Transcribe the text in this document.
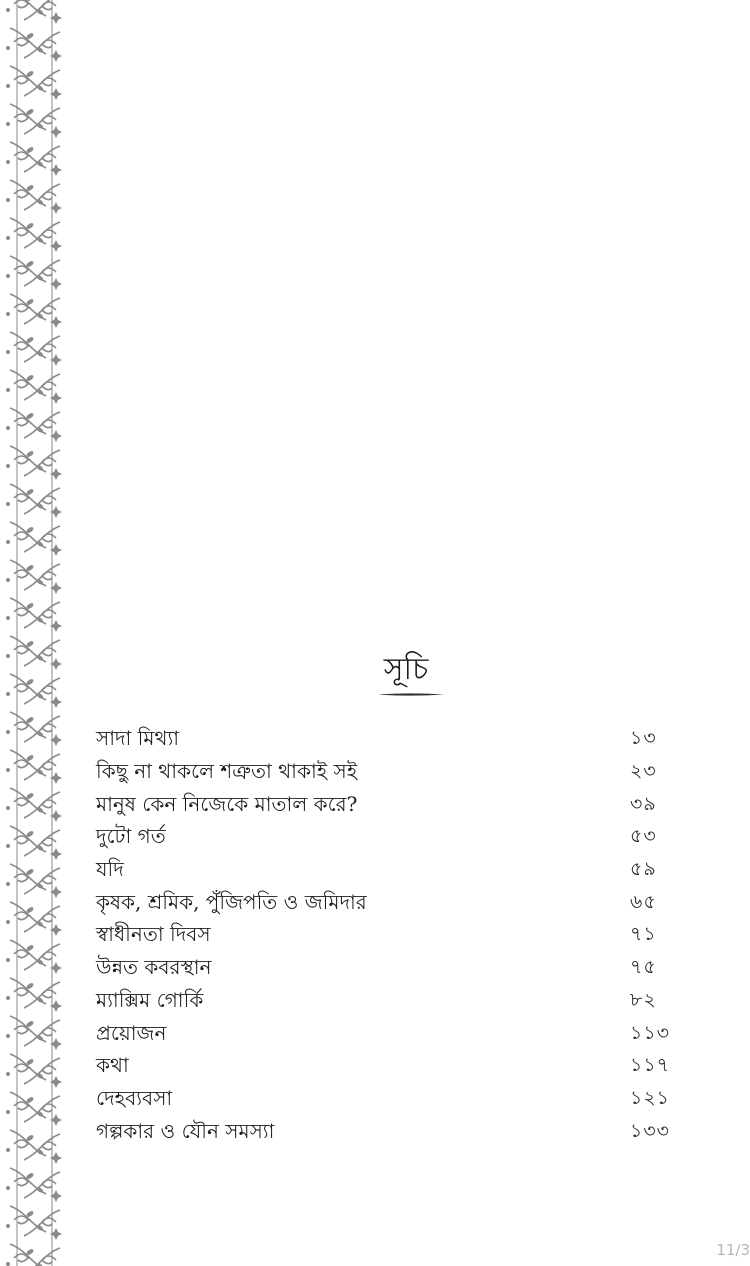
সূচি
সাদা মিথ্যা	১৩
কিছু না থাকলে শত্রুতা থাকাই সই	২৩
মানুষ কেন নিজেকে মাতাল করে?	৩৯
দুটো গর্ত	৫৩
যদি	৫৯
কৃষক, শ্রমিক, পুঁজিপতি ও জমিদার	৬৫
স্বাধীনতা দিবস	৭১
উন্নত কবরস্থান	৭৫
ম্যাক্সিম গোর্কি	৮২
প্রয়োজন	১১৩
কথা	১১৭
দেহব্যবসা	১২১
গল্পকার ও যৌন সমস্যা	১৩৩
11/3
